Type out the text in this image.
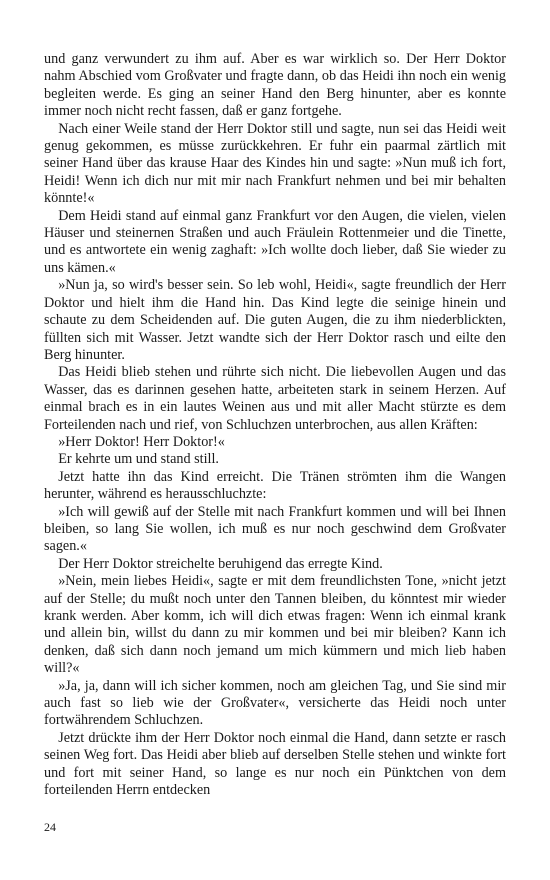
und ganz verwundert zu ihm auf. Aber es war wirklich so. Der Herr Doktor nahm Abschied vom Großvater und fragte dann, ob das Heidi ihn noch ein wenig begleiten werde. Es ging an seiner Hand den Berg hinunter, aber es konnte immer noch nicht recht fassen, daß er ganz fortgehe.

Nach einer Weile stand der Herr Doktor still und sagte, nun sei das Heidi weit genug gekommen, es müsse zurückkehren. Er fuhr ein paarmal zärtlich mit seiner Hand über das krause Haar des Kindes hin und sagte: »Nun muß ich fort, Heidi! Wenn ich dich nur mit mir nach Frankfurt nehmen und bei mir behalten könnte!«

Dem Heidi stand auf einmal ganz Frankfurt vor den Augen, die vielen, vielen Häuser und steinernen Straßen und auch Fräulein Rottenmeier und die Tinette, und es antwortete ein wenig zaghaft: »Ich wollte doch lieber, daß Sie wieder zu uns kämen.«

»Nun ja, so wird's besser sein. So leb wohl, Heidi«, sagte freundlich der Herr Doktor und hielt ihm die Hand hin. Das Kind legte die seinige hinein und schaute zu dem Scheidenden auf. Die guten Augen, die zu ihm niederblickten, füllten sich mit Wasser. Jetzt wandte sich der Herr Doktor rasch und eilte den Berg hinunter.

Das Heidi blieb stehen und rührte sich nicht. Die liebevollen Augen und das Wasser, das es darinnen gesehen hatte, arbeiteten stark in seinem Herzen. Auf einmal brach es in ein lautes Weinen aus und mit aller Macht stürzte es dem Forteilenden nach und rief, von Schluchzen unterbrochen, aus allen Kräften:

»Herr Doktor! Herr Doktor!«

Er kehrte um und stand still.

Jetzt hatte ihn das Kind erreicht. Die Tränen strömten ihm die Wangen herunter, während es herausschluchzte:

»Ich will gewiß auf der Stelle mit nach Frankfurt kommen und will bei Ihnen bleiben, so lang Sie wollen, ich muß es nur noch geschwind dem Großvater sagen.«

Der Herr Doktor streichelte beruhigend das erregte Kind.

»Nein, mein liebes Heidi«, sagte er mit dem freundlichsten Tone, »nicht jetzt auf der Stelle; du mußt noch unter den Tannen bleiben, du könntest mir wieder krank werden. Aber komm, ich will dich etwas fragen: Wenn ich einmal krank und allein bin, willst du dann zu mir kommen und bei mir bleiben? Kann ich denken, daß sich dann noch jemand um mich kümmern und mich lieb haben will?«

»Ja, ja, dann will ich sicher kommen, noch am gleichen Tag, und Sie sind mir auch fast so lieb wie der Großvater«, versicherte das Heidi noch unter fortwährendem Schluchzen.

Jetzt drückte ihm der Herr Doktor noch einmal die Hand, dann setzte er rasch seinen Weg fort. Das Heidi aber blieb auf derselben Stelle stehen und winkte fort und fort mit seiner Hand, so lange es nur noch ein Pünktchen von dem forteilenden Herrn entdecken

24
